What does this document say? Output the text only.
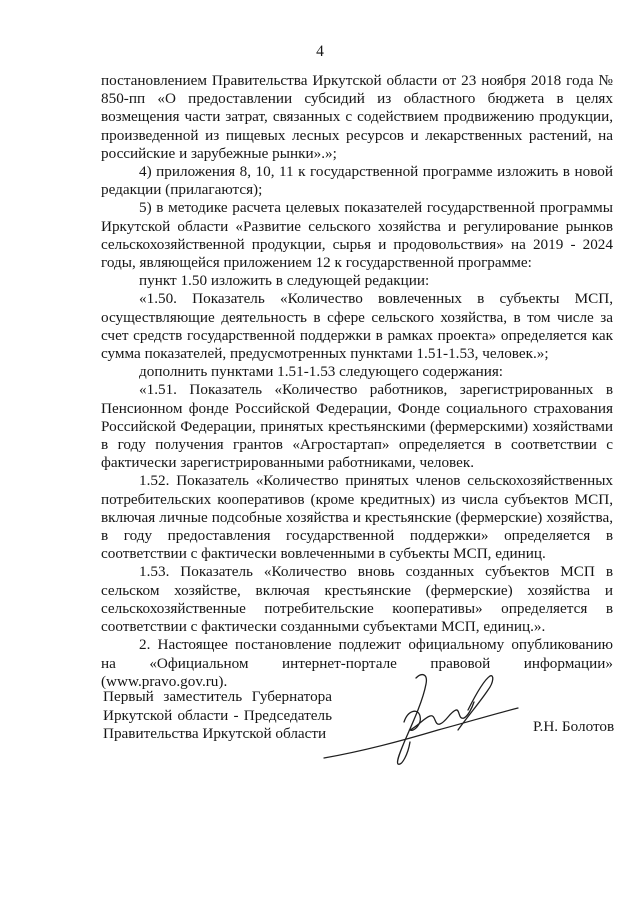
4

постановлением Правительства Иркутской области от 23 ноября 2018 года № 850-пп «О предоставлении субсидий из областного бюджета в целях возмещения части затрат, связанных с содействием продвижению продукции, произведенной из пищевых лесных ресурсов и лекарственных растений, на российские и зарубежные рынки».»;

4) приложения 8, 10, 11 к государственной программе изложить в новой редакции (прилагаются);

5) в методике расчета целевых показателей государственной программы Иркутской области «Развитие сельского хозяйства и регулирование рынков сельскохозяйственной продукции, сырья и продовольствия» на 2019 - 2024 годы, являющейся приложением 12 к государственной программе:

пункт 1.50 изложить в следующей редакции:

«1.50. Показатель «Количество вовлеченных в субъекты МСП, осуществляющие деятельность в сфере сельского хозяйства, в том числе за счет средств государственной поддержки в рамках проекта» определяется как сумма показателей, предусмотренных пунктами 1.51-1.53, человек.»;

дополнить пунктами 1.51-1.53 следующего содержания:

«1.51. Показатель «Количество работников, зарегистрированных в Пенсионном фонде Российской Федерации, Фонде социального страхования Российской Федерации, принятых крестьянскими (фермерскими) хозяйствами в году получения грантов «Агростартап» определяется в соответствии с фактически зарегистрированными работниками, человек.

1.52. Показатель «Количество принятых членов сельскохозяйственных потребительских кооперативов (кроме кредитных) из числа субъектов МСП, включая личные подсобные хозяйства и крестьянские (фермерские) хозяйства, в году предоставления государственной поддержки» определяется в соответствии с фактически вовлеченными в субъекты МСП, единиц.

1.53. Показатель «Количество вновь созданных субъектов МСП в сельском хозяйстве, включая крестьянские (фермерские) хозяйства и сельскохозяйственные потребительские кооперативы» определяется в соответствии с фактически созданными субъектами МСП, единиц.».

2. Настоящее постановление подлежит официальному опубликованию на «Официальном интернет-портале правовой информации» (www.pravo.gov.ru).

Первый заместитель Губернатора
Иркутской области - Председатель
Правительства Иркутской области	Р.Н. Болотов
